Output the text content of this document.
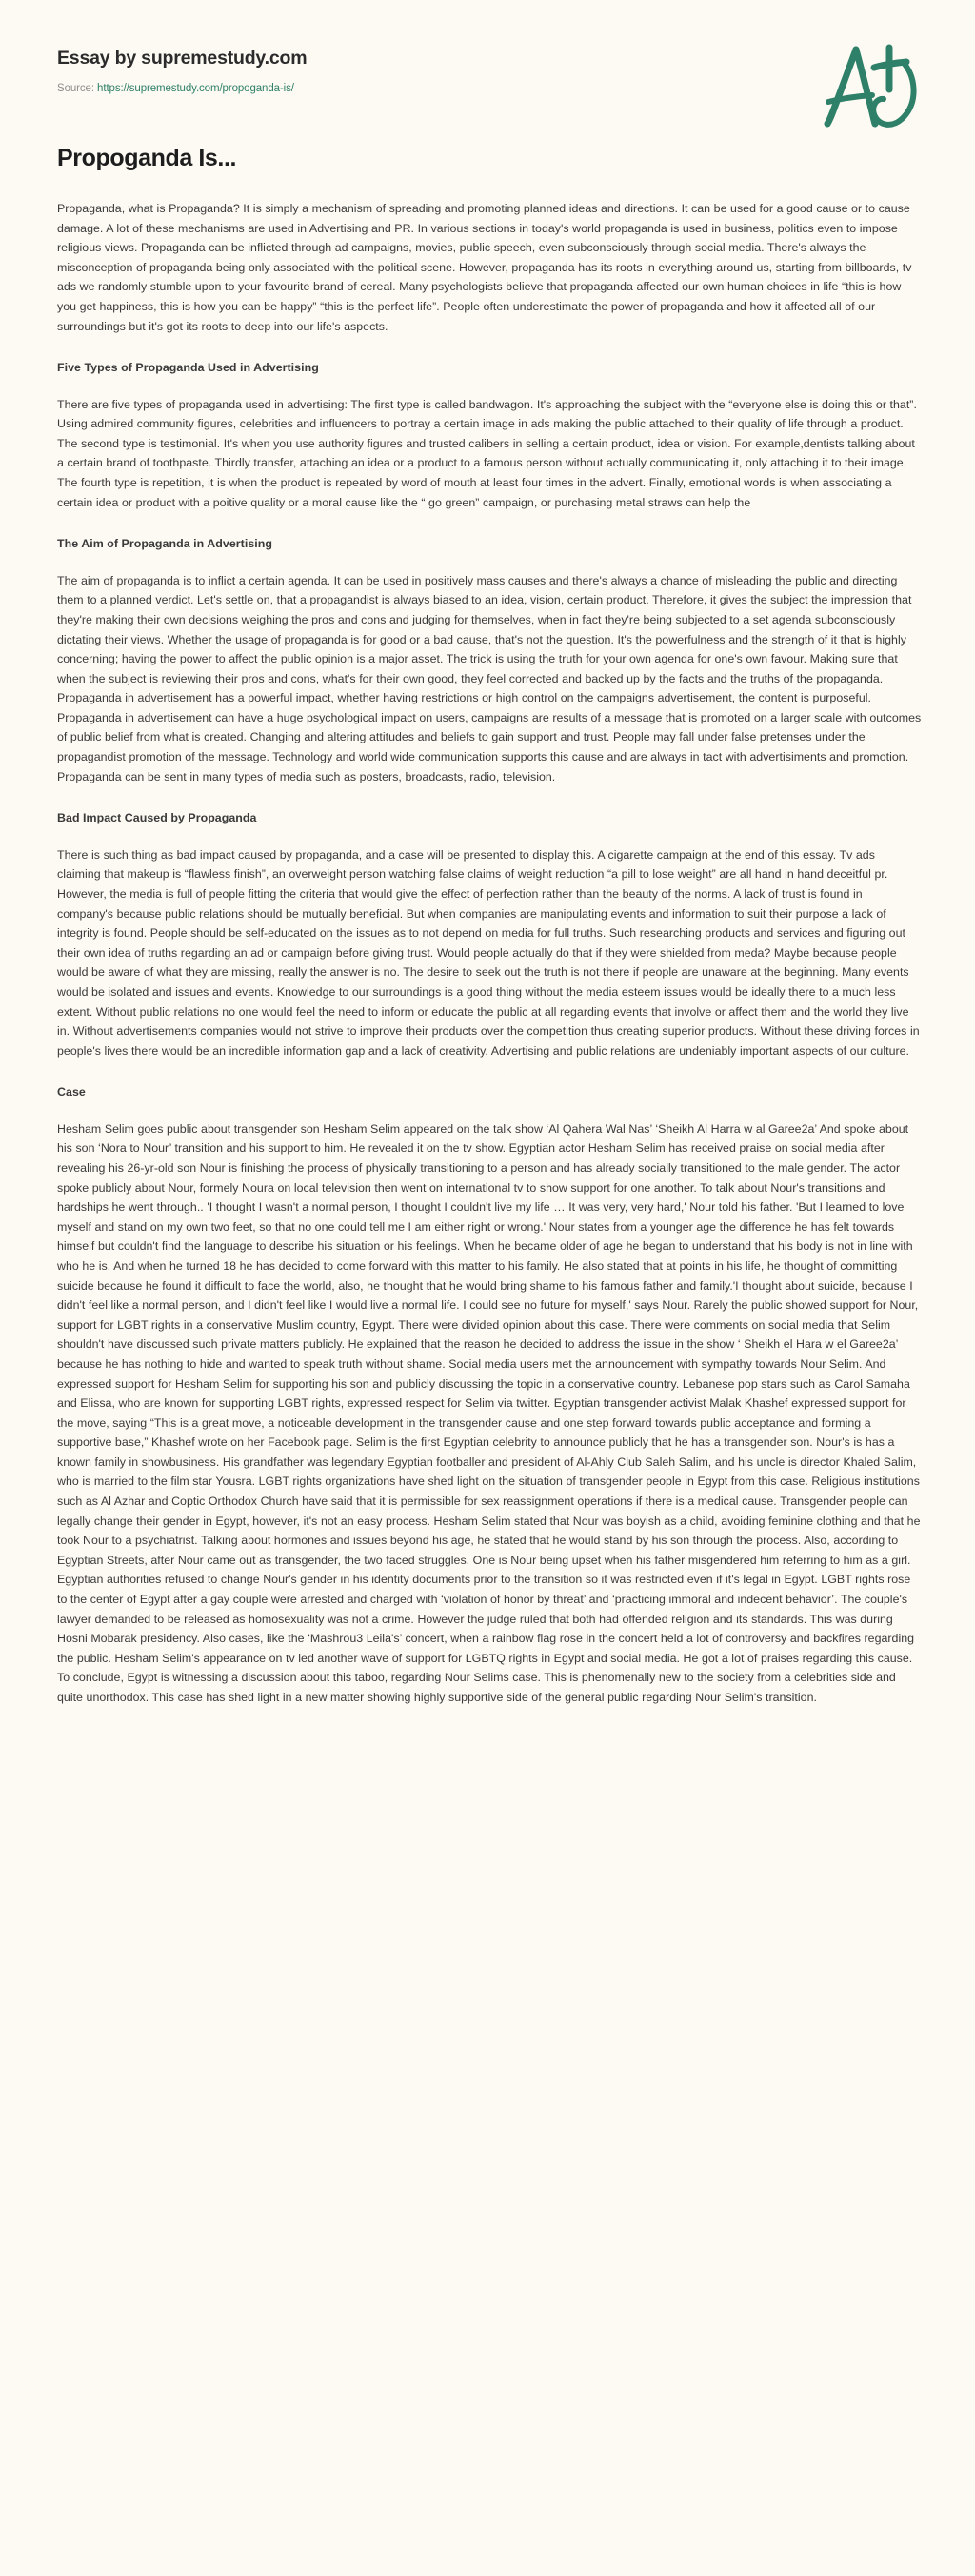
Essay by supremestudy.com
Source: https://supremestudy.com/propoganda-is/
Propoganda Is...

Propaganda, what is Propaganda? It is simply a mechanism of spreading and promoting planned ideas and directions. It can be used for a good cause or to cause damage. A lot of these mechanisms are used in Advertising and PR. In various sections in today's world propaganda is used in business, politics even to impose religious views. Propaganda can be inflicted through ad campaigns, movies, public speech, even subconsciously through social media. There's always the misconception of propaganda being only associated with the political scene. However, propaganda has its roots in everything around us, starting from billboards, tv ads we randomly stumble upon to your favourite brand of cereal. Many psychologists believe that propaganda affected our own human choices in life “this is how you get happiness, this is how you can be happy” “this is the perfect life”. People often underestimate the power of propaganda and how it affected all of our surroundings but it's got its roots to deep into our life's aspects.

Five Types of Propaganda Used in Advertising

There are five types of propaganda used in advertising: The first type is called bandwagon. It's approaching the subject with the “everyone else is doing this or that”. Using admired community figures, celebrities and influencers to portray a certain image in ads making the public attached to their quality of life through a product. The second type is testimonial. It's when you use authority figures and trusted calibers in selling a certain product, idea or vision. For example,dentists talking about a certain brand of toothpaste. Thirdly transfer, attaching an idea or a product to a famous person without actually communicating it, only attaching it to their image. The fourth type is repetition, it is when the product is repeated by word of mouth at least four times in the advert. Finally, emotional words is when associating a certain idea or product with a poitive quality or a moral cause like the “ go green” campaign, or purchasing metal straws can help the

The Aim of Propaganda in Advertising

The aim of propaganda is to inflict a certain agenda. It can be used in positively mass causes and there's always a chance of misleading the public and directing them to a planned verdict. Let's settle on, that a propagandist is always biased to an idea, vision, certain product. Therefore, it gives the subject the impression that they're making their own decisions weighing the pros and cons and judging for themselves, when in fact they're being subjected to a set agenda subconsciously dictating their views. Whether the usage of propaganda is for good or a bad cause, that's not the question. It's the powerfulness and the strength of it that is highly concerning; having the power to affect the public opinion is a major asset. The trick is using the truth for your own agenda for one's own favour. Making sure that when the subject is reviewing their pros and cons, what's for their own good, they feel corrected and backed up by the facts and the truths of the propaganda. Propaganda in advertisement has a powerful impact, whether having restrictions or high control on the campaigns advertisement, the content is purposeful. Propaganda in advertisement can have a huge psychological impact on users, campaigns are results of a message that is promoted on a larger scale with outcomes of public belief from what is created. Changing and altering attitudes and beliefs to gain support and trust. People may fall under false pretenses under the propagandist promotion of the message. Technology and world wide communication supports this cause and are always in tact with advertisiments and promotion. Propaganda can be sent in many types of media such as posters, broadcasts, radio, television.

Bad Impact Caused by Propaganda

There is such thing as bad impact caused by propaganda, and a case will be presented to display this. A cigarette campaign at the end of this essay. Tv ads claiming that makeup is “flawless finish”, an overweight person watching false claims of weight reduction “a pill to lose weight” are all hand in hand deceitful pr. However, the media is full of people fitting the criteria that would give the effect of perfection rather than the beauty of the norms. A lack of trust is found in company's because public relations should be mutually beneficial. But when companies are manipulating events and information to suit their purpose a lack of integrity is found. People should be self-educated on the issues as to not depend on media for full truths. Such researching products and services and figuring out their own idea of truths regarding an ad or campaign before giving trust. Would people actually do that if they were shielded from meda? Maybe because people would be aware of what they are missing, really the answer is no. The desire to seek out the truth is not there if people are unaware at the beginning. Many events would be isolated and issues and events. Knowledge to our surroundings is a good thing without the media esteem issues would be ideally there to a much less extent. Without public relations no one would feel the need to inform or educate the public at all regarding events that involve or affect them and the world they live in. Without advertisements companies would not strive to improve their products over the competition thus creating superior products. Without these driving forces in people's lives there would be an incredible information gap and a lack of creativity. Advertising and public relations are undeniably important aspects of our culture.

Case

Hesham Selim goes public about transgender son Hesham Selim appeared on the talk show ‘Al Qahera Wal Nas’ ‘Sheikh Al Harra w al Garee2a’ And spoke about his son ‘Nora to Nour’ transition and his support to him. He revealed it on the tv show. Egyptian actor Hesham Selim has received praise on social media after revealing his 26-yr-old son Nour is finishing the process of physically transitioning to a person and has already socially transitioned to the male gender. The actor spoke publicly about Nour, formely Noura on local television then went on international tv to show support for one another. To talk about Nour's transitions and hardships he went through.. 'I thought I wasn't a normal person, I thought I couldn't live my life … It was very, very hard,' Nour told his father. 'But I learned to love myself and stand on my own two feet, so that no one could tell me I am either right or wrong.' Nour states from a younger age the difference he has felt towards himself but couldn't find the language to describe his situation or his feelings. When he became older of age he began to understand that his body is not in line with who he is. And when he turned 18 he has decided to come forward with this matter to his family. He also stated that at points in his life, he thought of committing suicide because he found it difficult to face the world, also, he thought that he would bring shame to his famous father and family.'I thought about suicide, because I didn't feel like a normal person, and I didn't feel like I would live a normal life. I could see no future for myself,' says Nour. Rarely the public showed support for Nour, support for LGBT rights in a conservative Muslim country, Egypt. There were divided opinion about this case. There were comments on social media that Selim shouldn't have discussed such private matters publicly. He explained that the reason he decided to address the issue in the show ‘ Sheikh el Hara w el Garee2a’ because he has nothing to hide and wanted to speak truth without shame. Social media users met the announcement with sympathy towards Nour Selim. And expressed support for Hesham Selim for supporting his son and publicly discussing the topic in a conservative country. Lebanese pop stars such as Carol Samaha and Elissa, who are known for supporting LGBT rights, expressed respect for Selim via twitter. Egyptian transgender activist Malak Khashef expressed support for the move, saying “This is a great move, a noticeable development in the transgender cause and one step forward towards public acceptance and forming a supportive base,” Khashef wrote on her Facebook page. Selim is the first Egyptian celebrity to announce publicly that he has a transgender son. Nour's is has a known family in showbusiness. His grandfather was legendary Egyptian footballer and president of Al-Ahly Club Saleh Salim, and his uncle is director Khaled Salim, who is married to the film star Yousra. LGBT rights organizations have shed light on the situation of transgender people in Egypt from this case. Religious institutions such as Al Azhar and Coptic Orthodox Church have said that it is permissible for sex reassignment operations if there is a medical cause. Transgender people can legally change their gender in Egypt, however, it's not an easy process. Hesham Selim stated that Nour was boyish as a child, avoiding feminine clothing and that he took Nour to a psychiatrist. Talking about hormones and issues beyond his age, he stated that he would stand by his son through the process. Also, according to Egyptian Streets, after Nour came out as transgender, the two faced struggles. One is Nour being upset when his father misgendered him referring to him as a girl. Egyptian authorities refused to change Nour's gender in his identity documents prior to the transition so it was restricted even if it's legal in Egypt. LGBT rights rose to the center of Egypt after a gay couple were arrested and charged with ‘violation of honor by threat’ and ‘practicing immoral and indecent behavior’. The couple's lawyer demanded to be released as homosexuality was not a crime. However the judge ruled that both had offended religion and its standards. This was during Hosni Mobarak presidency. Also cases, like the ‘Mashrou3 Leila's’ concert, when a rainbow flag rose in the concert held a lot of controversy and backfires regarding the public. Hesham Selim's appearance on tv led another wave of support for LGBTQ rights in Egypt and social media. He got a lot of praises regarding this cause. To conclude, Egypt is witnessing a discussion about this taboo, regarding Nour Selims case. This is phenomenally new to the society from a celebrities side and quite unorthodox. This case has shed light in a new matter showing highly supportive side of the general public regarding Nour Selim's transition.
